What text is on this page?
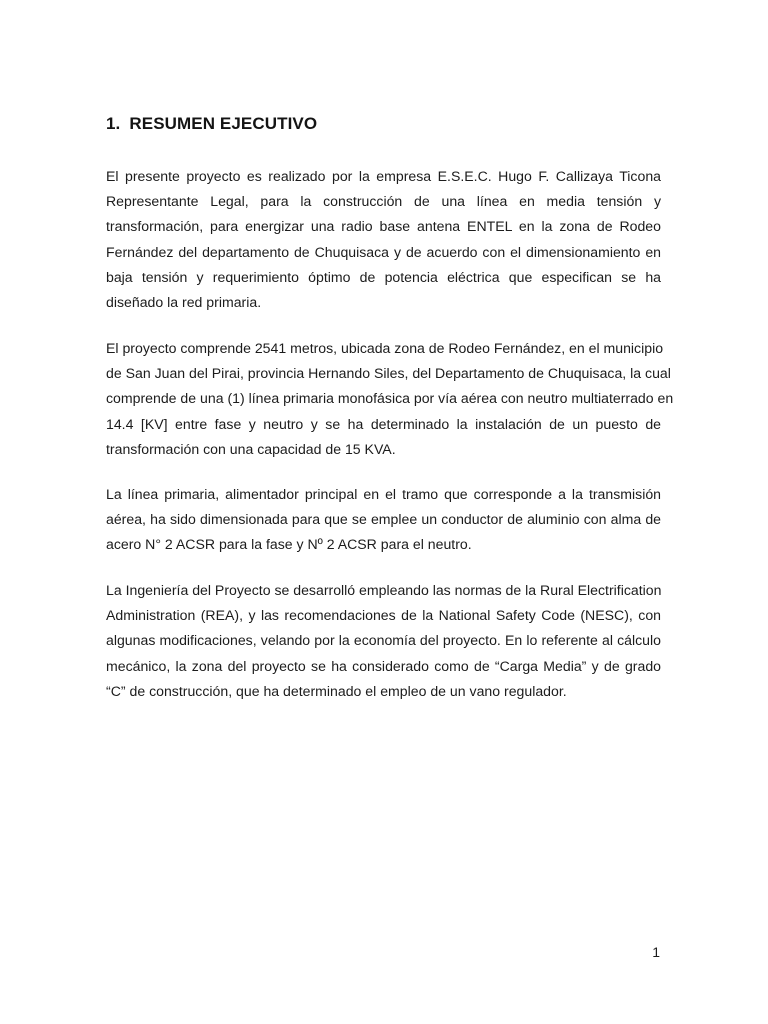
1. RESUMEN EJECUTIVO

El presente proyecto es realizado por la empresa E.S.E.C. Hugo F. Callizaya Ticona
Representante Legal, para la construcción de una línea en media tensión y
transformación, para energizar una radio base antena ENTEL en la zona de Rodeo
Fernández del departamento de Chuquisaca y de acuerdo con el dimensionamiento en
baja tensión y requerimiento óptimo de potencia eléctrica que especifican se ha
diseñado la red primaria.

El proyecto comprende 2541 metros, ubicada zona de Rodeo Fernández, en el municipio
de San Juan del Pirai, provincia Hernando Siles, del Departamento de Chuquisaca, la cual
comprende de una (1) línea primaria monofásica por vía aérea con neutro multiaterrado en
14.4 [KV] entre fase y neutro y se ha determinado la instalación de un puesto de
transformación con una capacidad de 15 KVA.

La línea primaria, alimentador principal en el tramo que corresponde a la transmisión
aérea, ha sido dimensionada para que se emplee un conductor de aluminio con alma de
acero N° 2 ACSR para la fase y Nº 2 ACSR para el neutro.

La Ingeniería del Proyecto se desarrolló empleando las normas de la Rural Electrification
Administration (REA), y las recomendaciones de la National Safety Code (NESC), con
algunas modificaciones, velando por la economía del proyecto. En lo referente al cálculo
mecánico, la zona del proyecto se ha considerado como de “Carga Media” y de grado
“C” de construcción, que ha determinado el empleo de un vano regulador.

1
